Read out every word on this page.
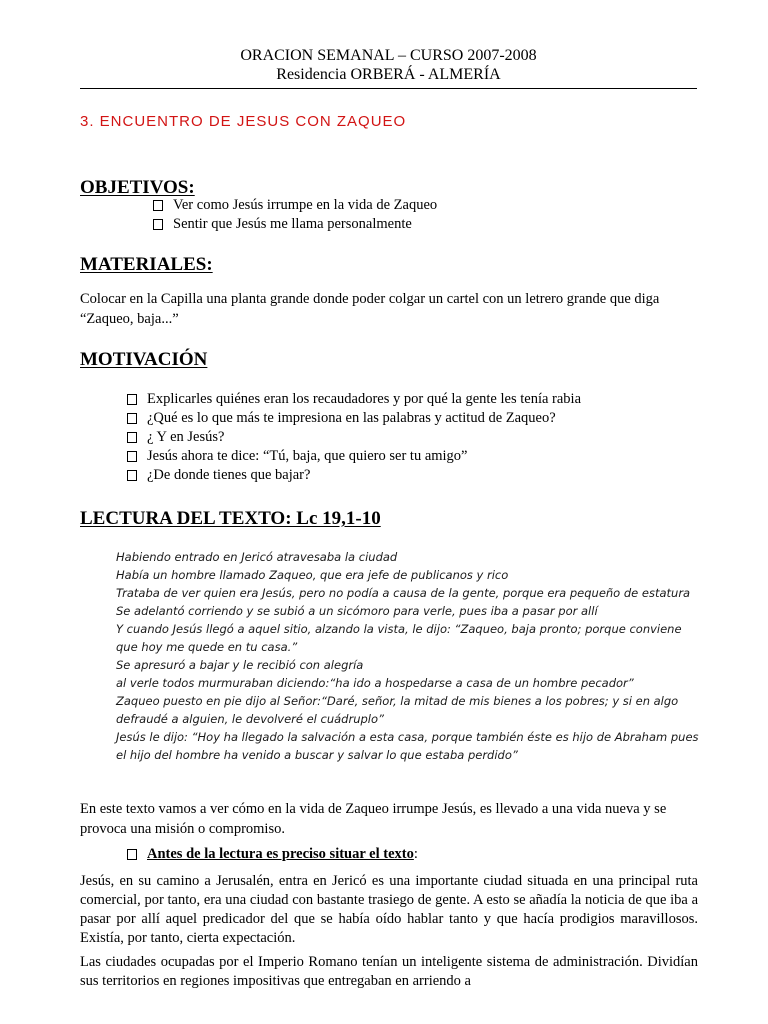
ORACION SEMANAL – CURSO 2007-2008
Residencia ORBERÁ - ALMERÍA
3. ENCUENTRO DE JESUS CON ZAQUEO
OBJETIVOS:
Ver como Jesús irrumpe en la vida de Zaqueo
Sentir que Jesús me llama personalmente
MATERIALES:

Colocar en la Capilla una planta grande donde poder colgar un cartel con un letrero grande que diga “Zaqueo, baja...”

MOTIVACIÓN
Explicarles quiénes eran los recaudadores y por qué la gente les tenía rabia
¿Qué es lo que más te impresiona en las palabras y actitud de Zaqueo?
¿ Y en Jesús?
Jesús ahora te dice: “Tú, baja, que quiero ser tu amigo”
¿De donde tienes que bajar?
LECTURA DEL TEXTO: Lc 19,1-10
Habiendo entrado en Jericó atravesaba la ciudad
Había un hombre llamado Zaqueo, que era jefe de publicanos y rico
Trataba de ver quien era Jesús, pero no podía a causa de la gente, porque era pequeño de estatura
Se adelantó corriendo y se subió a un sicómoro para verle, pues iba a pasar por allí
Y cuando Jesús llegó a aquel sitio, alzando la vista, le dijo: “Zaqueo, baja pronto; porque conviene que hoy me quede en tu casa.”
Se apresuró a bajar y le recibió con alegría
al verle todos murmuraban diciendo:“ha ido a hospedarse a casa de un hombre pecador”
Zaqueo puesto en pie dijo al Señor:“Daré, señor, la mitad de mis bienes a los pobres; y si en algo defraudé a alguien, le devolveré el cuádruplo”
Jesús le dijo: “Hoy ha llegado la salvación a esta casa, porque también éste es hijo de Abraham pues el hijo del hombre ha venido a buscar y salvar lo que estaba perdido”

En este texto vamos a ver cómo en la vida de Zaqueo irrumpe Jesús, es llevado a una vida nueva y se provoca una misión o compromiso.

Antes de la lectura es preciso situar el texto :

Jesús, en su camino a Jerusalén, entra en Jericó es una importante ciudad situada en una principal ruta comercial, por tanto, era una ciudad con bastante trasiego de gente. A esto se añadía la noticia de que iba a pasar por allí aquel predicador del que se había oído hablar tanto y que hacía prodigios maravillosos. Existía, por tanto, cierta expectación.

Las ciudades ocupadas por el Imperio Romano tenían un inteligente sistema de administración. Dividían sus territorios en regiones impositivas que entregaban en arriendo a
